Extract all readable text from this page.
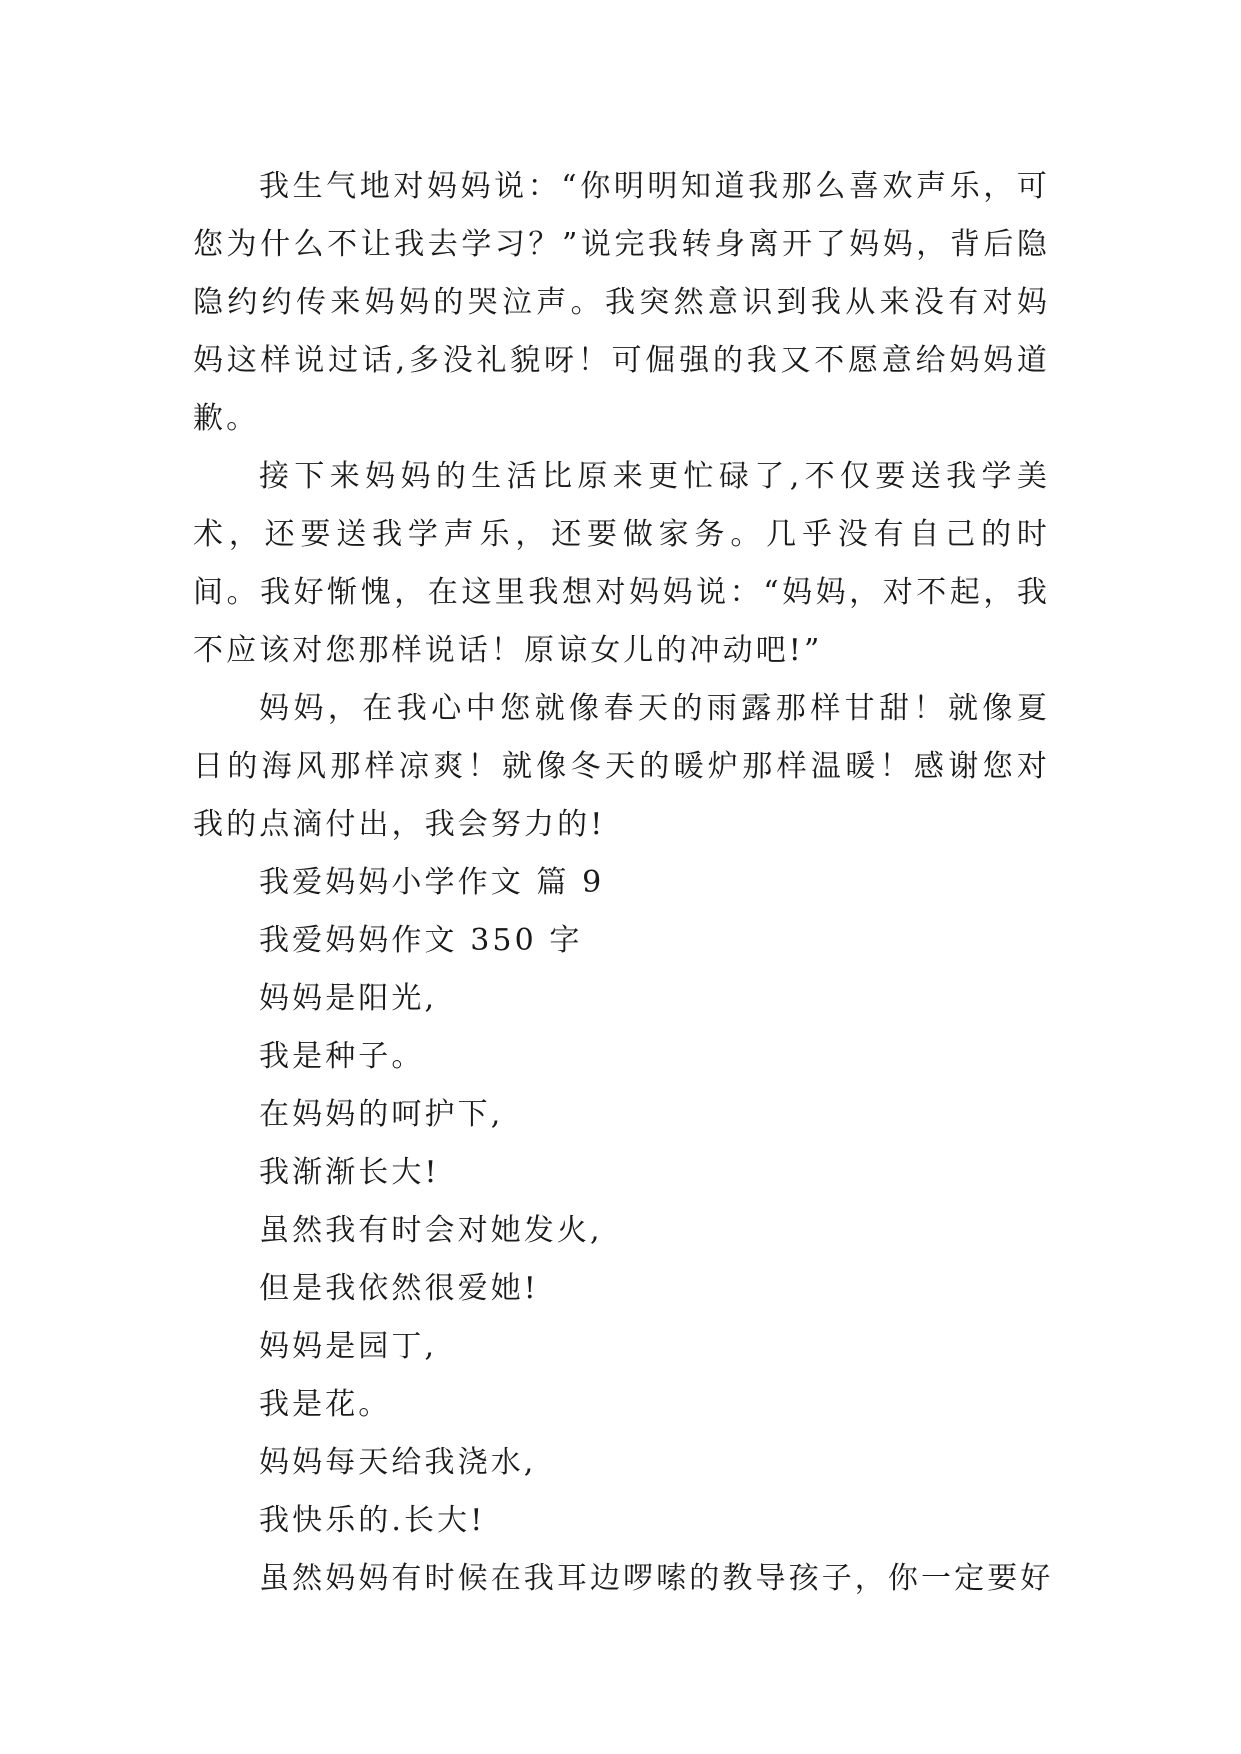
我生气地对妈妈说：“你明明知道我那么喜欢声乐，可您为什么不让我去学习？”说完我转身离开了妈妈，背后隐隐约约传来妈妈的哭泣声。我突然意识到我从来没有对妈妈这样说过话,多没礼貌呀！可倔强的我又不愿意给妈妈道歉。

接下来妈妈的生活比原来更忙碌了,不仅要送我学美术，还要送我学声乐，还要做家务。几乎没有自己的时间。我好惭愧，在这里我想对妈妈说：“妈妈，对不起，我不应该对您那样说话！原谅女儿的冲动吧!”

妈妈，在我心中您就像春天的雨露那样甘甜！就像夏日的海风那样凉爽！就像冬天的暖炉那样温暖！感谢您对我的点滴付出，我会努力的!

我爱妈妈小学作文 篇 9

我爱妈妈作文 350 字

妈妈是阳光,

我是种子。

在妈妈的呵护下,

我渐渐长大!

虽然我有时会对她发火,

但是我依然很爱她!

妈妈是园丁,

我是花。

妈妈每天给我浇水,

我快乐的.长大!

虽然妈妈有时候在我耳边啰嗦的教导孩子，你一定要好
